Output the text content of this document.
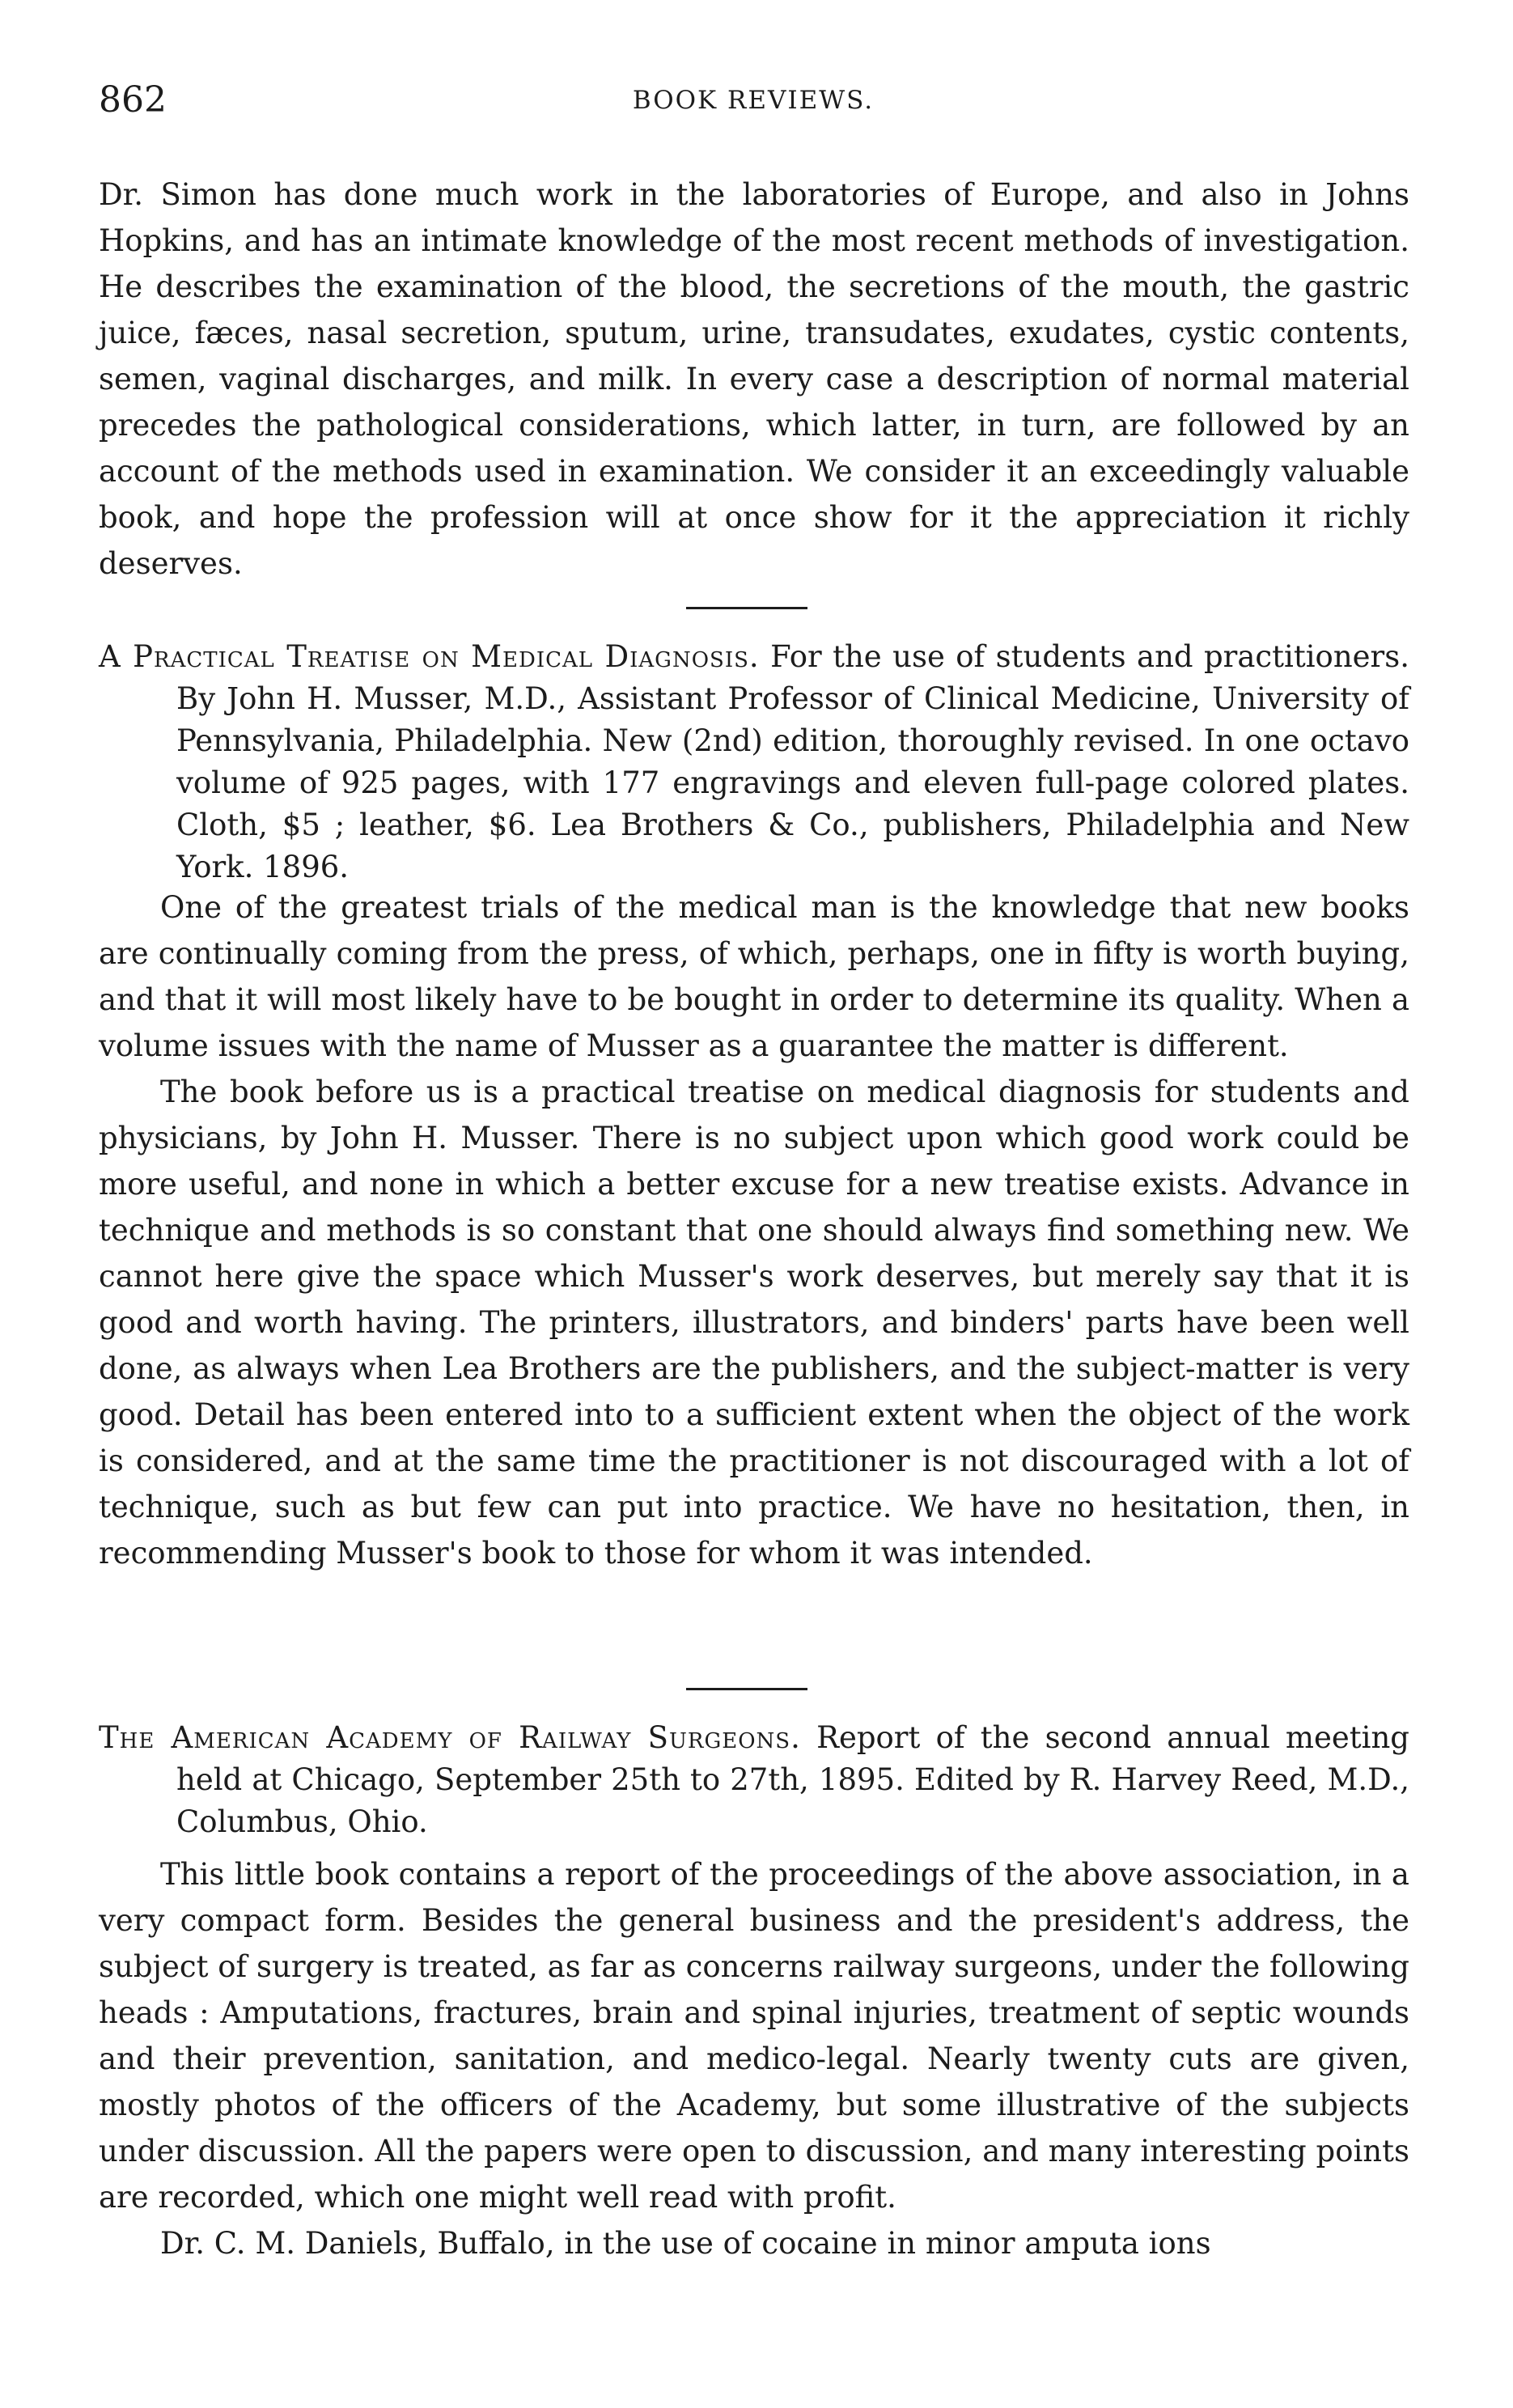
862	BOOK REVIEWS.

Dr. Simon has done much work in the laboratories of Europe, and also in Johns Hopkins, and has an intimate knowledge of the most recent methods of investigation. He describes the examination of the blood, the secretions of the mouth, the gastric juice, fæces, nasal secretion, sputum, urine, transudates, exudates, cystic contents, semen, vaginal discharges, and milk. In every case a description of normal material precedes the pathological considerations, which latter, in turn, are followed by an account of the methods used in examination. We consider it an exceedingly valuable book, and hope the profession will at once show for it the appreciation it richly deserves.

A Practical Treatise on Medical Diagnosis. For the use of students and practitioners. By John H. Musser, M.D., Assistant Professor of Clinical Medicine, University of Pennsylvania, Philadelphia. New (2nd) edition, thoroughly revised. In one octavo volume of 925 pages, with 177 engravings and eleven full-page colored plates. Cloth, $5 ; leather, $6. Lea Brothers & Co., publishers, Philadelphia and New York. 1896.

One of the greatest trials of the medical man is the knowledge that new books are continually coming from the press, of which, perhaps, one in fifty is worth buying, and that it will most likely have to be bought in order to determine its quality. When a volume issues with the name of Musser as a guarantee the matter is different.

The book before us is a practical treatise on medical diagnosis for students and physicians, by John H. Musser. There is no subject upon which good work could be more useful, and none in which a better excuse for a new treatise exists. Advance in technique and methods is so constant that one should always find something new. We cannot here give the space which Musser's work deserves, but merely say that it is good and worth having. The printers, illustrators, and binders' parts have been well done, as always when Lea Brothers are the publishers, and the subject-matter is very good. Detail has been entered into to a sufficient extent when the object of the work is considered, and at the same time the practitioner is not discouraged with a lot of technique, such as but few can put into practice. We have no hesitation, then, in recommending Musser's book to those for whom it was intended.

The American Academy of Railway Surgeons. Report of the second annual meeting held at Chicago, September 25th to 27th, 1895. Edited by R. Harvey Reed, M.D., Columbus, Ohio.

This little book contains a report of the proceedings of the above association, in a very compact form. Besides the general business and the president's address, the subject of surgery is treated, as far as concerns railway surgeons, under the following heads : Amputations, fractures, brain and spinal injuries, treatment of septic wounds and their prevention, sanitation, and medico-legal. Nearly twenty cuts are given, mostly photos of the officers of the Academy, but some illustrative of the subjects under discussion. All the papers were open to discussion, and many interesting points are recorded, which one might well read with profit.

Dr. C. M. Daniels, Buffalo, in the use of cocaine in minor amputa ions
